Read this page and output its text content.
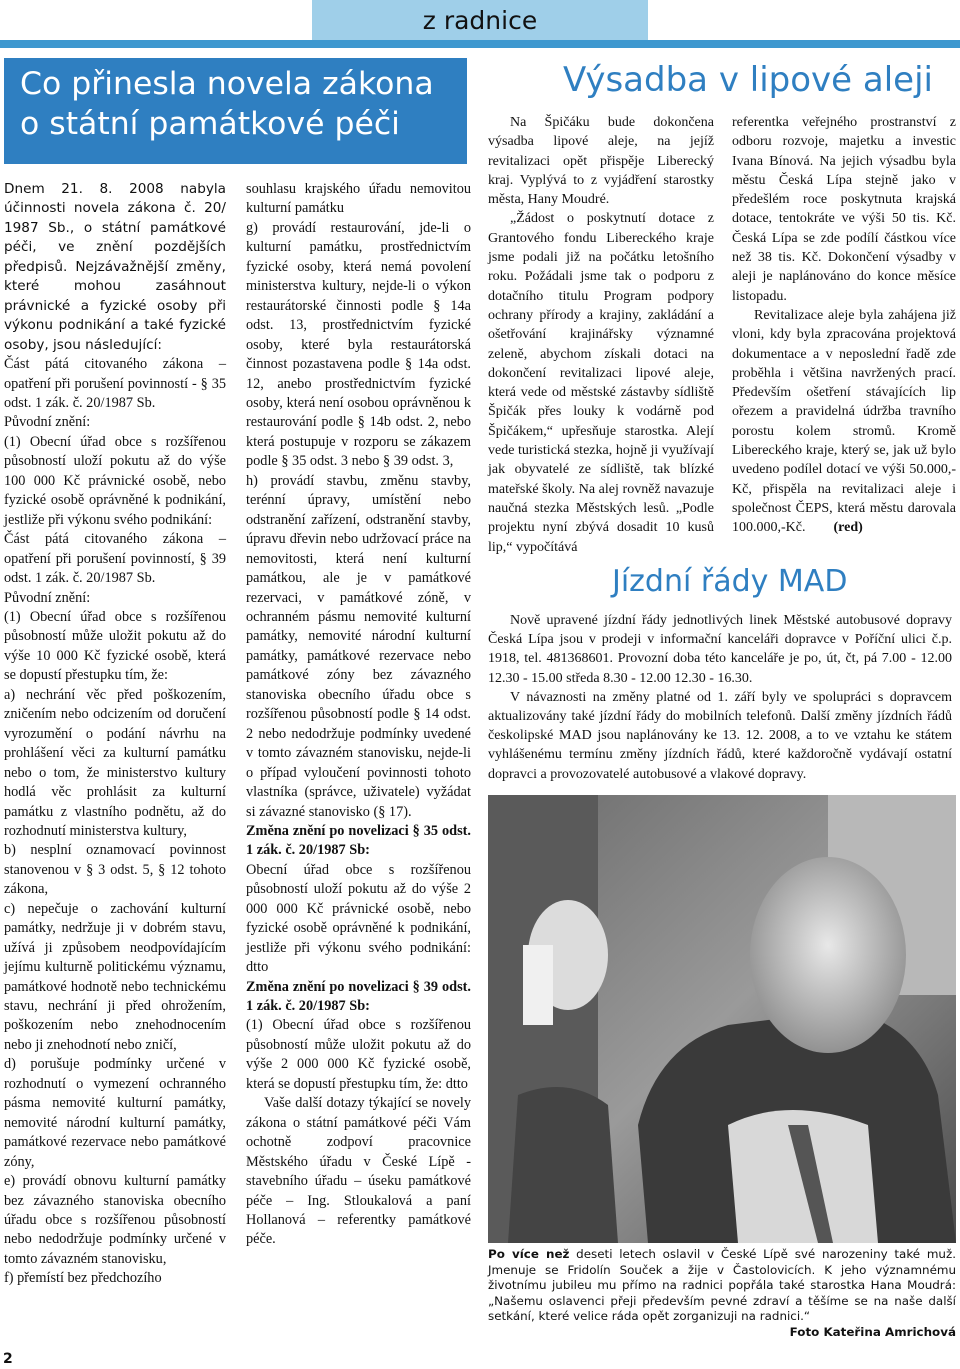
z radnice
Co přinesla novela zákona
o státní památkové péči

Dnem 21. 8. 2008 nabyla účinnosti novela zákona č. 20/ 1987 Sb., o státní památkové péči, ve znění pozdějších předpisů. Nejzávažnější změny, které mohou zasáhnout právnické a fyzické osoby při výkonu podnikání a také fyzické osoby, jsou následující:

Část pátá citovaného zákona – opatření při porušení povinností - § 35 odst. 1 zák. č. 20/1987 Sb.

Původní znění:

(1) Obecní úřad obce s rozšířenou působností uloží pokutu až do výše 100 000 Kč právnické osobě, nebo fyzické osobě oprávněné k podnikání, jestliže při výkonu svého podnikání:

Část pátá citovaného zákona – opatření při porušení povinností, § 39 odst. 1 zák. č. 20/1987 Sb.

Původní znění:

(1) Obecní úřad obce s rozšířenou působností může uložit pokutu až do výše 10 000 Kč fyzické osobě, která se dopustí přestupku tím, že:

a) nechrání věc před poškozením, zničením nebo odcizením od doručení vyrozumění o podání návrhu na prohlášení věci za kulturní památku nebo o tom, že ministerstvo kultury hodlá věc prohlásit za kulturní památku z vlastního podnětu, až do rozhodnutí ministerstva kultury,

b) nesplní oznamovací povinnost stanovenou v § 3 odst. 5, § 12 tohoto zákona,

c) nepečuje o zachování kulturní památky, nedržuje ji v dobrém stavu, užívá ji způsobem neodpovídajícím jejímu kulturně politickému významu, památkové hodnotě nebo technickému stavu, nechrání ji před ohrožením, poškozením nebo znehodnocením nebo ji znehodnotí nebo zničí,

d) porušuje podmínky určené v rozhodnutí o vymezení ochranného pásma nemovité kulturní památky, nemovité národní kulturní památky, památkové rezervace nebo památkové zóny,

e) provádí obnovu kulturní památky bez závazného stanoviska obecního úřadu obce s rozšířenou působností nebo nedodržuje podmínky určené v tomto závazném stanovisku,

f) přemístí bez předchozího

souhlasu krajského úřadu nemovitou kulturní památku

g) provádí restaurování, jde-li o kulturní památku, prostřednictvím fyzické osoby, která nemá povolení ministerstva kultury, nejde-li o výkon restaurátorské činnosti podle § 14a odst. 13, prostřednictvím fyzické osoby, které byla restaurátorská činnost pozastavena podle § 14a odst. 12, anebo prostřednictvím fyzické osoby, která není osobou oprávněnou k restaurování podle § 14b odst. 2, nebo která postupuje v rozporu se zákazem podle § 35 odst. 3 nebo § 39 odst. 3,

h) provádí stavbu, změnu stavby, terénní úpravy, umístění nebo odstranění zařízení, odstranění stavby, úpravu dřevin nebo udržovací práce na nemovitosti, která není kulturní památkou, ale je v památkové rezervaci, v památkové zóně, v ochranném pásmu nemovité kulturní památky, nemovité národní kulturní památky, památkové rezervace nebo památkové zóny bez závazného stanoviska obecního úřadu obce s rozšířenou působností podle § 14 odst. 2 nebo nedodržuje podmínky uvedené v tomto závazném stanovisku, nejde-li o případ vyloučení povinnosti tohoto vlastníka (správce, uživatele) vyžádat si závazné stanovisko (§ 17).

Změna znění po novelizaci § 35 odst. 1 zák. č. 20/1987 Sb:

Obecní úřad obce s rozšířenou působností uloží pokutu až do výše 2 000 000 Kč právnické osobě, nebo fyzické osobě oprávněné k podnikání, jestliže při výkonu svého podnikání: dtto

Změna znění po novelizaci § 39 odst. 1 zák. č. 20/1987 Sb:

(1) Obecní úřad obce s rozšířenou působností může uložit pokutu až do výše 2 000 000 Kč fyzické osobě, která se dopustí přestupku tím, že: dtto

Vaše další dotazy týkající se novely zákona o státní památkové péči Vám ochotně zodpoví pracovnice Městského úřadu v České Lípě - stavebního úřadu – úseku památkové péče – Ing. Stloukalová a paní Hollanová – referentky památkové péče.

Výsadba v lipové aleji

Na Špičáku bude dokončena výsadba lipové aleje, na jejíž revitalizaci opět přispěje Liberecký kraj. Vyplývá to z vyjádření starostky města, Hany Moudré.

„Žádost o poskytnutí dotace z Grantového fondu Libereckého kraje jsme podali již na počátku letošního roku. Požádali jsme tak o podporu z dotačního titulu Program podpory ochrany přírody a krajiny, zakládání a ošetřování krajinářsky významné zeleně, abychom získali dotaci na dokončení revitalizaci lipové aleje, která vede od městské zástavby sídliště Špičák přes louky k vodárně pod Špičákem,“ upřesňuje starostka. Alejí vede turistická stezka, hojně ji využívají jak obyvatelé ze sídliště, tak blízké mateřské školy. Na alej rovněž navazuje naučná stezka Městských lesů. „Podle projektu nyní zbývá dosadit 10 kusů lip,“ vypočítává

referentka veřejného prostranství z odboru rozvoje, majetku a investic Ivana Bínová. Na jejich výsadbu byla městu Česká Lípa stejně jako v předešlém roce poskytnuta krajská dotace, tentokráte ve výši 50 tis. Kč. Česká Lípa se zde podílí částkou více než 38 tis. Kč. Dokončení výsadby v aleji je naplánováno do konce měsíce listopadu.

Revitalizace aleje byla zahájena již vloni, kdy byla zpracována projektová dokumentace a v neposlední řadě zde proběhla i většina navržených prací. Především ošetření stávajících lip ořezem a pravidelná údržba travního porostu kolem stromů. Kromě Libereckého kraje, který se, jak už bylo uvedeno podílel dotací ve výši 50.000,-Kč, přispěla na revitalizaci aleje i společnost ČEPS, která městu darovala 100.000,-Kč. (red)

Jízdní řády MAD

Nově upravené jízdní řády jednotlivých linek Městské autobusové dopravy Česká Lípa jsou v prodeji v informační kanceláři dopravce v Poříční ulici č.p. 1918, tel. 481368601. Provozní doba této kanceláře je po, út, čt, pá 7.00 - 12.00 12.30 - 15.00 středa 8.30 - 12.00 12.30 - 16.30.

V návaznosti na změny platné od 1. září byly ve spolupráci s dopravcem aktualizovány také jízdní řády do mobilních telefonů. Další změny jízdních řádů českolipské MAD jsou naplánovány ke 13. 12. 2008, a to ve vztahu ke státem vyhlášenému termínu změny jízdních řádů, které každoročně vydávají ostatní dopravci a provozovatelé autobusové a vlakové dopravy.

Po více než deseti letech oslavil v České Lípě své narozeniny také muž. Jmenuje se Fridolín Souček a žije v Častolovicích. K jeho významnému životnímu jubileu mu přímo na radnici popřála také starostka Hana Moudrá: „Našemu oslavenci přeji především pevné zdraví a těšíme se na naše další setkání, které velice ráda opět zorganizuji na radnici.“
Foto Kateřina Amrichová
2
